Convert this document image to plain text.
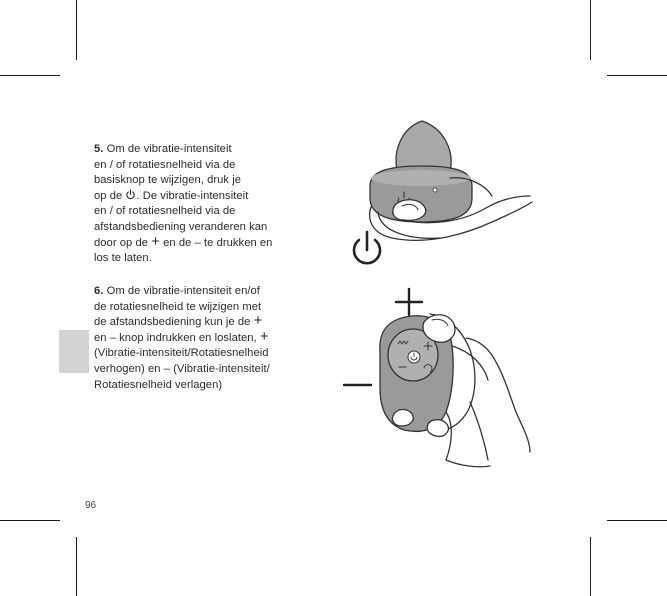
5. Om de vibratie-intensiteit
en / of rotatiesnelheid via de
basisknop te wijzigen, druk je
op de . De vibratie-intensiteit
en / of rotatiesnelheid via de
afstandsbediening veranderen kan
door op de + en de – te drukken en
los te laten.
6. Om de vibratie-intensiteit en/of
de rotatiesnelheid te wijzigen met
de afstandsbediening kun je de +
en – knop indrukken en loslaten, +
(Vibratie-intensiteit/Rotatiesnelheid
verhogen) en – (Vibratie-intensiteit/
Rotatiesnelheid verlagen)
96
